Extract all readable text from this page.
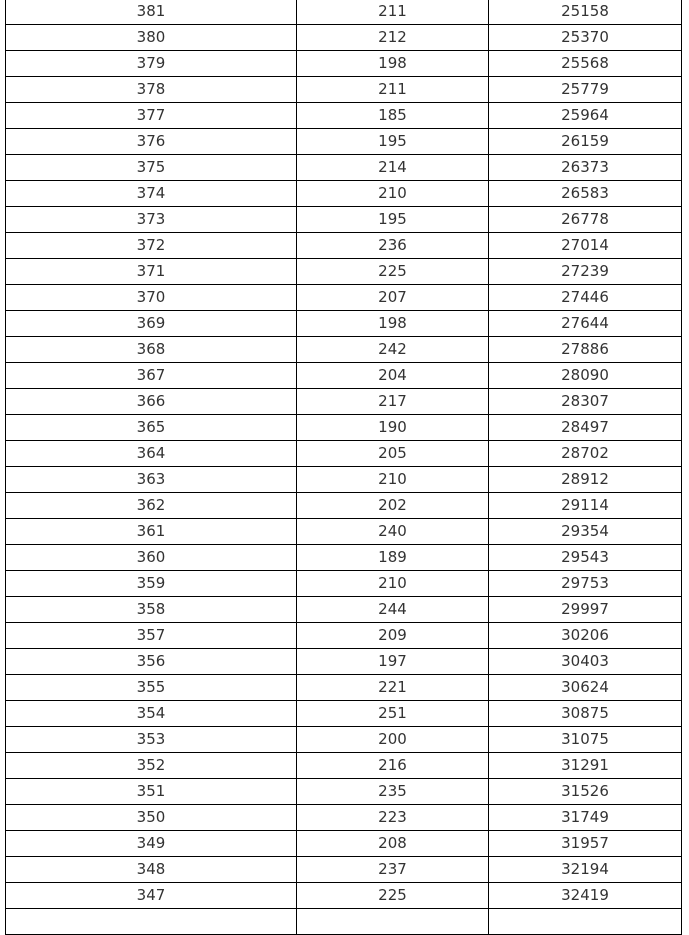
381	211	25158
380	212	25370
379	198	25568
378	211	25779
377	185	25964
376	195	26159
375	214	26373
374	210	26583
373	195	26778
372	236	27014
371	225	27239
370	207	27446
369	198	27644
368	242	27886
367	204	28090
366	217	28307
365	190	28497
364	205	28702
363	210	28912
362	202	29114
361	240	29354
360	189	29543
359	210	29753
358	244	29997
357	209	30206
356	197	30403
355	221	30624
354	251	30875
353	200	31075
352	216	31291
351	235	31526
350	223	31749
349	208	31957
348	237	32194
347	225	32419
